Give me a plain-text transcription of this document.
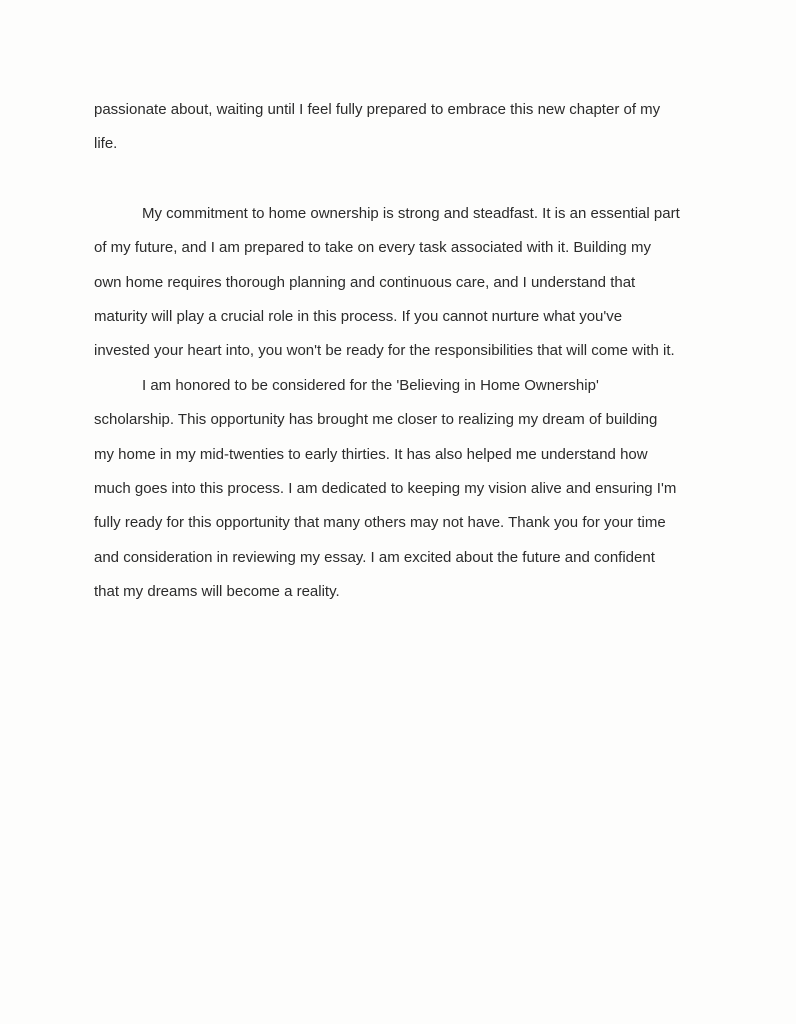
passionate about, waiting until I feel fully prepared to embrace this new chapter of my
life.

My commitment to home ownership is strong and steadfast. It is an essential part
of my future, and I am prepared to take on every task associated with it. Building my
own home requires thorough planning and continuous care, and I understand that
maturity will play a crucial role in this process. If you cannot nurture what you've
invested your heart into, you won't be ready for the responsibilities that will come with it.

I am honored to be considered for the 'Believing in Home Ownership'
scholarship. This opportunity has brought me closer to realizing my dream of building
my home in my mid-twenties to early thirties. It has also helped me understand how
much goes into this process. I am dedicated to keeping my vision alive and ensuring I'm
fully ready for this opportunity that many others may not have. Thank you for your time
and consideration in reviewing my essay. I am excited about the future and confident
that my dreams will become a reality.
